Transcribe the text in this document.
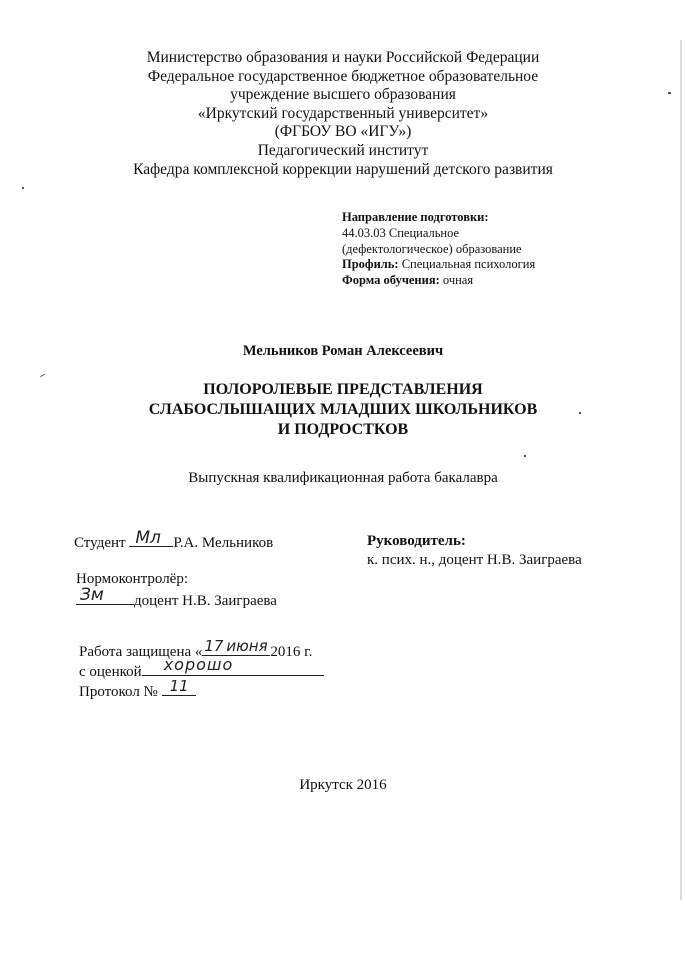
Министерство образования и науки Российской Федерации
Федеральное государственное бюджетное образовательное
учреждение высшего образования
«Иркутский государственный университет»
(ФГБОУ ВО «ИГУ»)
Педагогический институт
Кафедра комплексной коррекции нарушений детского развития
Направление подготовки:
44.03.03 Специальное
(дефектологическое) образование
Профиль: Специальная психология
Форма обучения: очная
Мельников Роман Алексеевич
ПОЛОРОЛЕВЫЕ ПРЕДСТАВЛЕНИЯ
СЛАБОСЛЫШАЩИХ МЛАДШИХ ШКОЛЬНИКОВ
И ПОДРОСТКОВ
Выпускная квалификационная работа бакалавра
Студент Мл Р.А. Мельников	Руководитель:
к. псих. н., доцент Н.В. Заиграева
Нормоконтролёр:
Зм доцент Н.В. Заиграева
Работа защищена « 17 июня 2016 г.
с оценкой хорошо
Протокол № 11
Иркутск 2016
